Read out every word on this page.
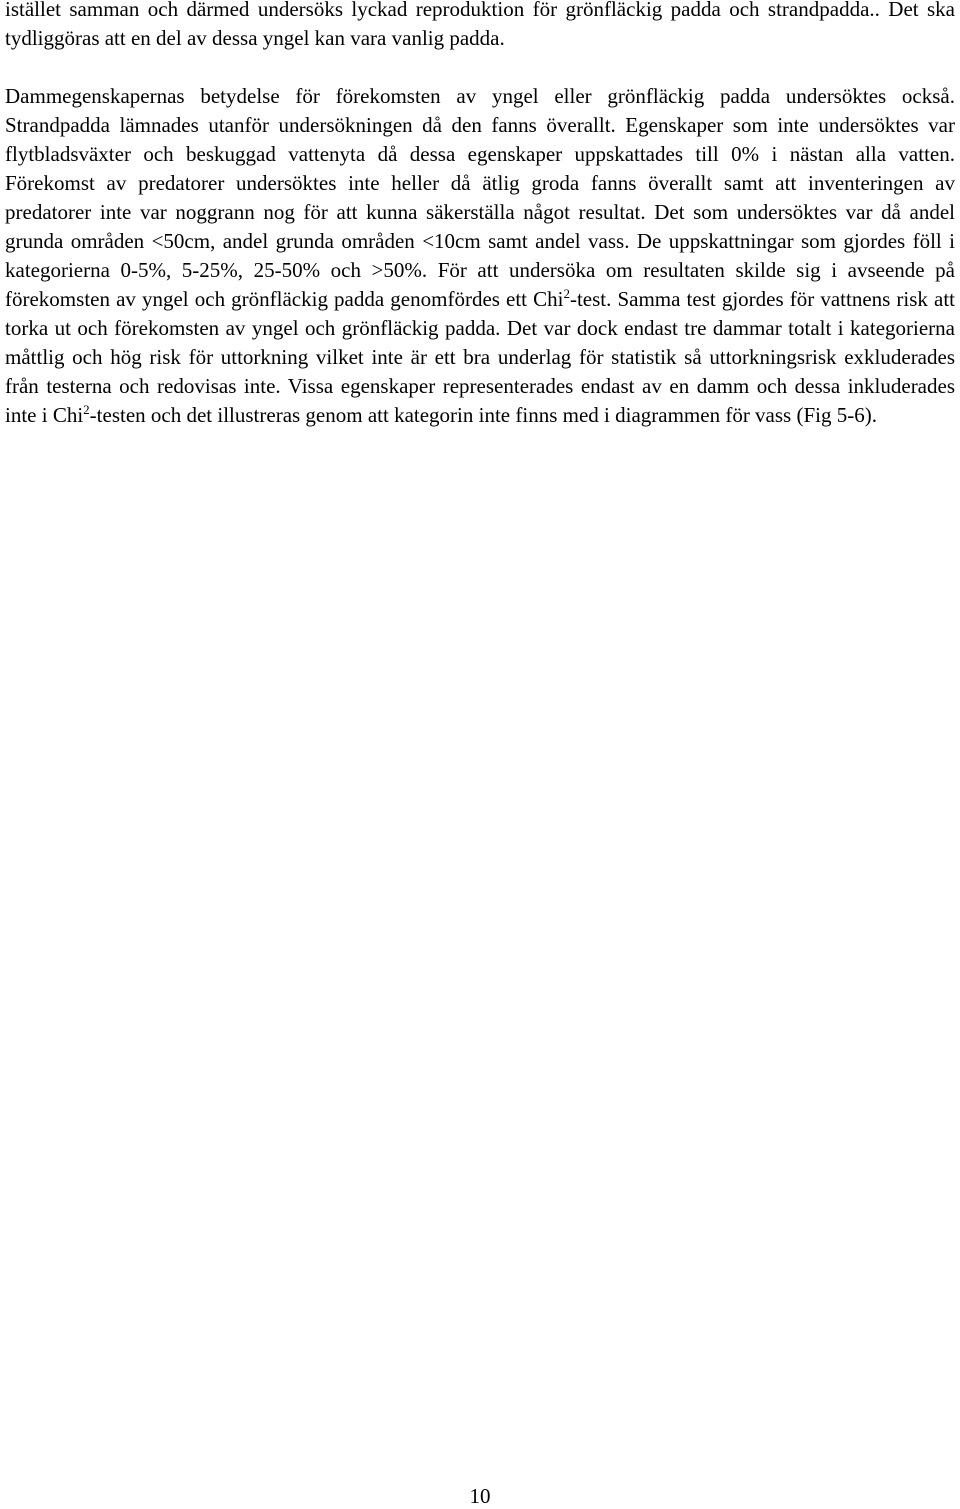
istället samman och därmed undersöks lyckad reproduktion för grönfläckig padda och strandpadda.. Det ska tydliggöras att en del av dessa yngel kan vara vanlig padda.

Dammegenskapernas betydelse för förekomsten av yngel eller grönfläckig padda undersöktes också. Strandpadda lämnades utanför undersökningen då den fanns överallt. Egenskaper som inte undersöktes var flytbladsväxter och beskuggad vattenyta då dessa egenskaper uppskattades till 0% i nästan alla vatten. Förekomst av predatorer undersöktes inte heller då ätlig groda fanns överallt samt att inventeringen av predatorer inte var noggrann nog för att kunna säkerställa något resultat. Det som undersöktes var då andel grunda områden <50cm, andel grunda områden <10cm samt andel vass. De uppskattningar som gjordes föll i kategorierna 0-5%, 5-25%, 25-50% och >50%. För att undersöka om resultaten skilde sig i avseende på förekomsten av yngel och grönfläckig padda genomfördes ett Chi$^2$-test. Samma test gjordes för vattnens risk att torka ut och förekomsten av yngel och grönfläckig padda. Det var dock endast tre dammar totalt i kategorierna måttlig och hög risk för uttorkning vilket inte är ett bra underlag för statistik så uttorkningsrisk exkluderades från testerna och redovisas inte. Vissa egenskaper representerades endast av en damm och dessa inkluderades inte i Chi$^2$-testen och det illustreras genom att kategorin inte finns med i diagrammen för vass (Fig 5-6).

10
